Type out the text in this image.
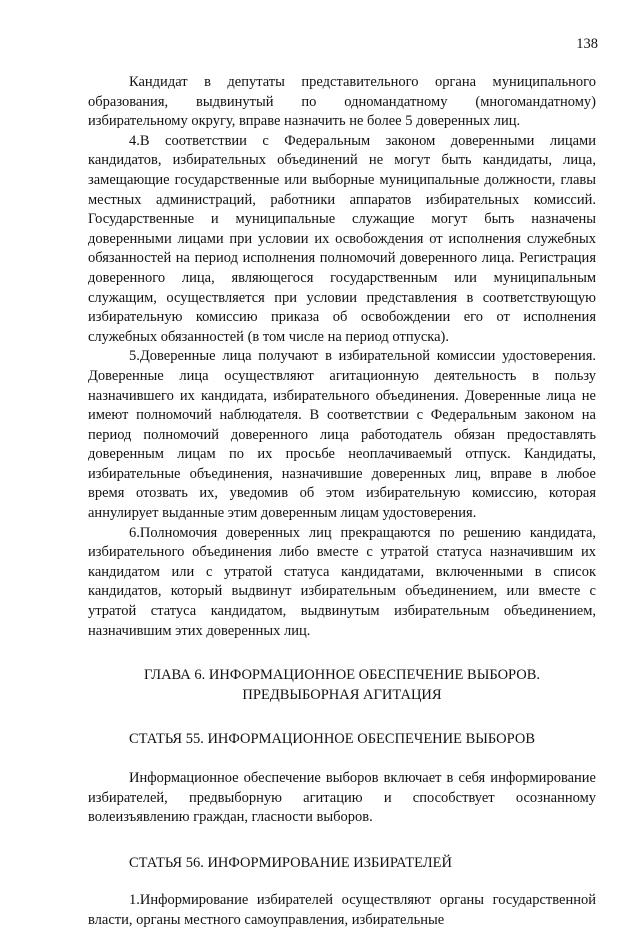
138

Кандидат в депутаты представительного органа муниципального образования, выдвинутый по одномандатному (многомандатному) избирательному округу, вправе назначить не более 5 доверенных лиц.

4.В соответствии с Федеральным законом доверенными лицами кандидатов, избирательных объединений не могут быть кандидаты, лица, замещающие государственные или выборные муниципальные должности, главы местных администраций, работники аппаратов избирательных комиссий. Государственные и муниципальные служащие могут быть назначены доверенными лицами при условии их освобождения от исполнения служебных обязанностей на период исполнения полномочий доверенного лица. Регистрация доверенного лица, являющегося государственным или муниципальным служащим, осуществляется при условии представления в соответствующую избирательную комиссию приказа об освобождении его от исполнения служебных обязанностей (в том числе на период отпуска).

5.Доверенные лица получают в избирательной комиссии удостоверения. Доверенные лица осуществляют агитационную деятельность в пользу назначившего их кандидата, избирательного объединения. Доверенные лица не имеют полномочий наблюдателя. В соответствии с Федеральным законом на период полномочий доверенного лица работодатель обязан предоставлять доверенным лицам по их просьбе неоплачиваемый отпуск. Кандидаты, избирательные объединения, назначившие доверенных лиц, вправе в любое время отозвать их, уведомив об этом избирательную комиссию, которая аннулирует выданные этим доверенным лицам удостоверения.

6.Полномочия доверенных лиц прекращаются по решению кандидата, избирательного объединения либо вместе с утратой статуса назначившим их кандидатом или с утратой статуса кандидатами, включенными в список кандидатов, который выдвинут избирательным объединением, или вместе с утратой статуса кандидатом, выдвинутым избирательным объединением, назначившим этих доверенных лиц.

ГЛАВА 6. ИНФОРМАЦИОННОЕ ОБЕСПЕЧЕНИЕ ВЫБОРОВ.
ПРЕДВЫБОРНАЯ АГИТАЦИЯ
СТАТЬЯ 55. ИНФОРМАЦИОННОЕ ОБЕСПЕЧЕНИЕ ВЫБОРОВ

Информационное обеспечение выборов включает в себя информирование избирателей, предвыборную агитацию и способствует осознанному волеизъявлению граждан, гласности выборов.

СТАТЬЯ 56. ИНФОРМИРОВАНИЕ ИЗБИРАТЕЛЕЙ

1.Информирование избирателей осуществляют органы государственной власти, органы местного самоуправления, избирательные
